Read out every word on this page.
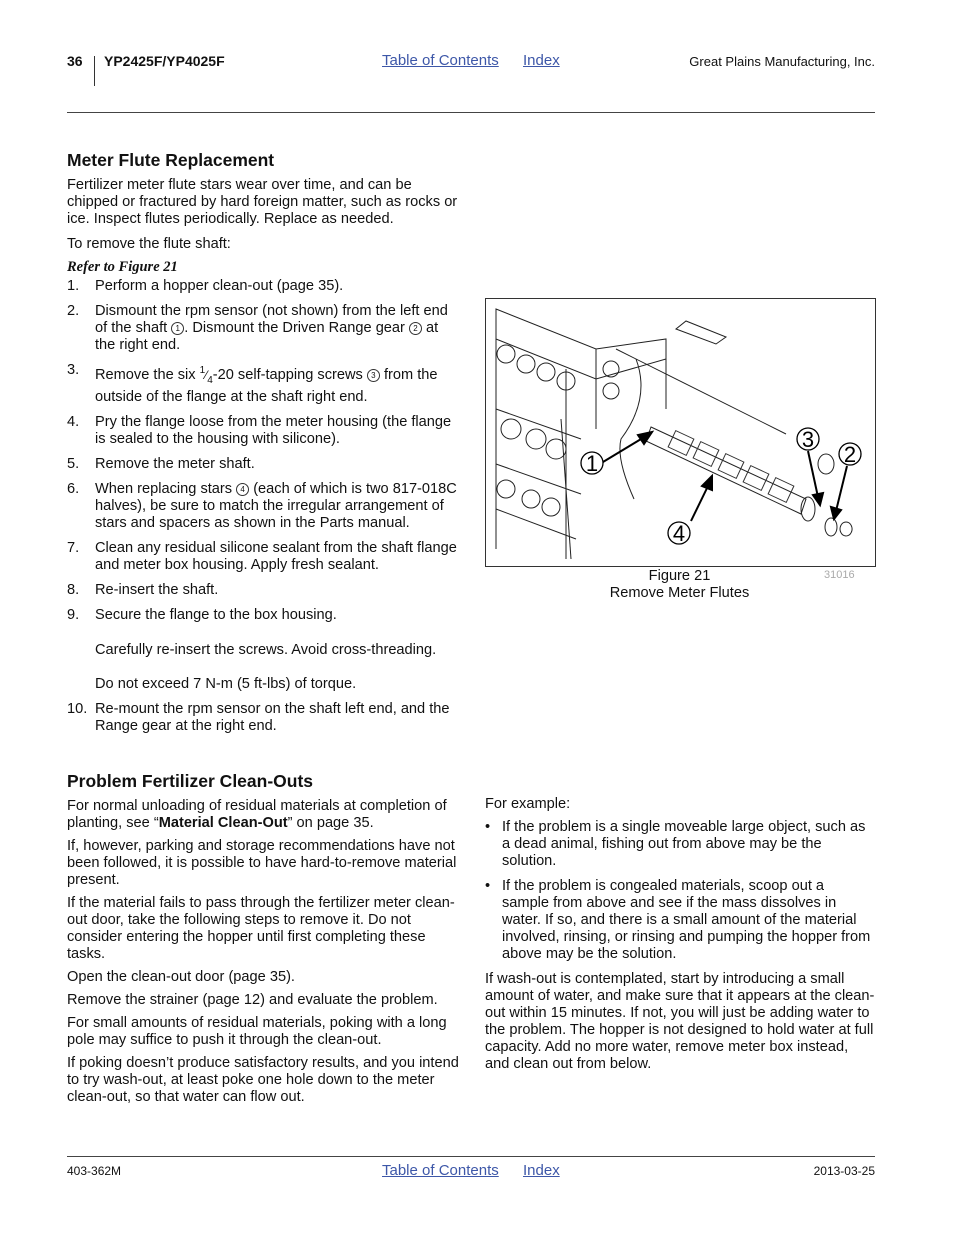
36 YP2425F/YP4025F	Table of Contents Index	Great Plains Manufacturing, Inc.
Meter Flute Replacement

Fertilizer meter flute stars wear over time, and can be chipped or fractured by hard foreign matter, such as rocks or ice. Inspect flutes periodically. Replace as needed.

To remove the flute shaft:

Refer to Figure 21
1. Perform a hopper clean-out (page 35).
2. Dismount the rpm sensor (not shown) from the left end of the shaft 1 . Dismount the Driven Range gear 2 at the right end.
3. Remove the six $^1⁄_4-20$ self-tapping screws 3 from the outside of the flange at the shaft right end.
4. Pry the flange loose from the meter housing (the flange is sealed to the housing with silicone).
5. Remove the meter shaft.
6. When replacing stars 4 (each of which is two 817-018C halves), be sure to match the irregular arrangement of stars and spacers as shown in the Parts manual.
7. Clean any residual silicone sealant from the shaft flange and meter box housing. Apply fresh sealant.
8. Re-insert the shaft.
9. Secure the flange to the box housing.
Carefully re-insert the screws. Avoid cross-threading.
Do not exceed 7 N-m (5 ft-lbs) of torque.
10. Re-mount the rpm sensor on the shaft left end, and the Range gear at the right end.
1	2
3
4
Figure 21
Remove Meter Flutes
31016
Problem Fertilizer Clean-Outs

For normal unloading of residual materials at completion of planting, see “Material Clean-Out” on page 35.

If, however, parking and storage recommendations have not been followed, it is possible to have hard-to-remove material present.

If the material fails to pass through the fertilizer meter clean-out door, take the following steps to remove it. Do not consider entering the hopper until first completing these tasks.

Open the clean-out door (page 35).

Remove the strainer (page 12) and evaluate the problem.

For small amounts of residual materials, poking with a long pole may suffice to push it through the clean-out.

If poking doesn’t produce satisfactory results, and you intend to try wash-out, at least poke one hole down to the meter clean-out, so that water can flow out.

For example:

• If the problem is a single moveable large object, such as a dead animal, fishing out from above may be the solution.
• If the problem is congealed materials, scoop out a sample from above and see if the mass dissolves in water. If so, and there is a small amount of the material involved, rinsing, or rinsing and pumping the hopper from above may be the solution.

If wash-out is contemplated, start by introducing a small amount of water, and make sure that it appears at the clean-out within 15 minutes. If not, you will just be adding water to the problem. The hopper is not designed to hold water at full capacity. Add no more water, remove meter box instead, and clean out from below.

403-362M	Table of Contents Index	2013-03-25
